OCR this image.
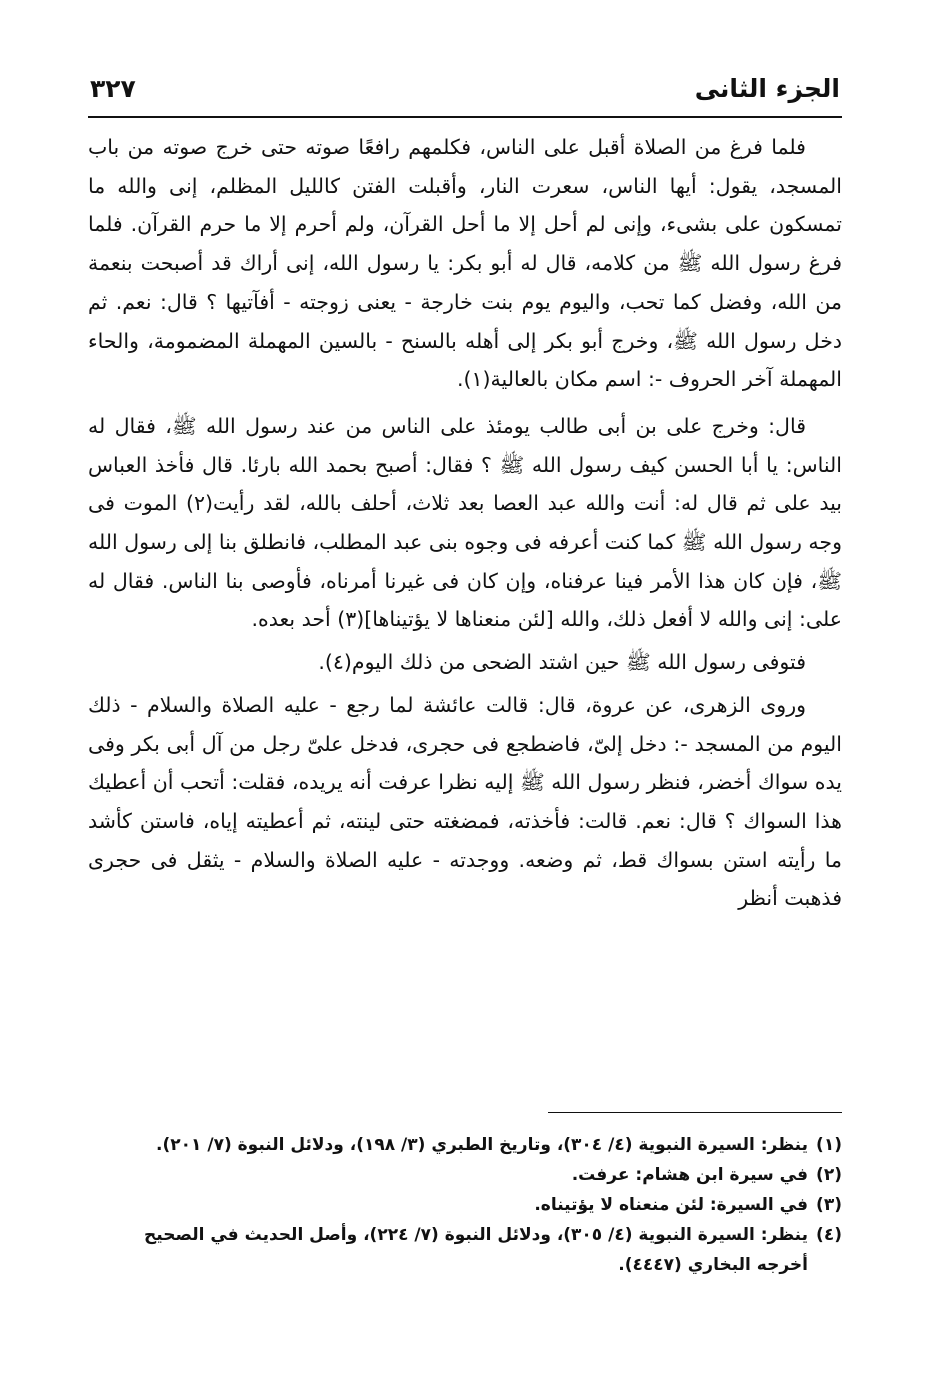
الجزء الثانى
٣٢٧

فلما فرغ من الصلاة أقبل على الناس، فكلمهم رافعًا صوته حتى خرج صوته من باب المسجد، يقول: أيها الناس، سعرت النار، وأقبلت الفتن كالليل المظلم، إنى والله ما تمسكون على بشىء، وإنى لم أحل إلا ما أحل القرآن، ولم أحرم إلا ما حرم القرآن. فلما فرغ رسول الله ﷺ من كلامه، قال له أبو بكر: يا رسول الله، إنى أراك قد أصبحت بنعمة من الله، وفضل كما تحب، واليوم يوم بنت خارجة - يعنى زوجته - أفآتيها ؟ قال: نعم. ثم دخل رسول الله ﷺ، وخرج أبو بكر إلى أهله بالسنح - بالسين المهملة المضمومة، والحاء المهملة آخر الحروف -: اسم مكان بالعالية(١).

قال: وخرج على بن أبى طالب يومئذ على الناس من عند رسول الله ﷺ، فقال له الناس: يا أبا الحسن كيف رسول الله ﷺ ؟ فقال: أصبح بحمد الله بارئا. قال فأخذ العباس بيد على ثم قال له: أنت والله عبد العصا بعد ثلاث، أحلف بالله، لقد رأيت(٢) الموت فى وجه رسول الله ﷺ كما كنت أعرفه فى وجوه بنى عبد المطلب، فانطلق بنا إلى رسول الله ﷺ، فإن كان هذا الأمر فينا عرفناه، وإن كان فى غيرنا أمرناه، فأوصى بنا الناس. فقال له على: إنى والله لا أفعل ذلك، والله [لئن منعناها لا يؤتيناها](٣) أحد بعده.

فتوفى رسول الله ﷺ حين اشتد الضحى من ذلك اليوم(٤).

وروى الزهرى، عن عروة، قال: قالت عائشة لما رجع - عليه الصلاة والسلام - ذلك اليوم من المسجد -: دخل إلىّ، فاضطجع فى حجرى، فدخل علىّ رجل من آل أبى بكر وفى يده سواك أخضر، فنظر رسول الله ﷺ إليه نظرا عرفت أنه يريده، فقلت: أتحب أن أعطيك هذا السواك ؟ قال: نعم. قالت: فأخذته، فمضغته حتى لينته، ثم أعطيته إياه، فاستن كأشد ما رأيته استن بسواك قط، ثم وضعه. ووجدته - عليه الصلاة والسلام - يثقل فى حجرى فذهبت أنظر

(١)
ينظر: السيرة النبوية (٤/ ٣٠٤)، وتاريخ الطبري (٣/ ١٩٨)، ودلائل النبوة (٧/ ٢٠١).

(٢)
في سيرة ابن هشام: عرفت.

(٣)
في السيرة: لئن منعناه لا يؤتيناه.

(٤)
ينظر: السيرة النبوية (٤/ ٣٠٥)، ودلائل النبوة (٧/ ٢٢٤)، وأصل الحديث في الصحيح أخرجه البخاري (٤٤٤٧).
